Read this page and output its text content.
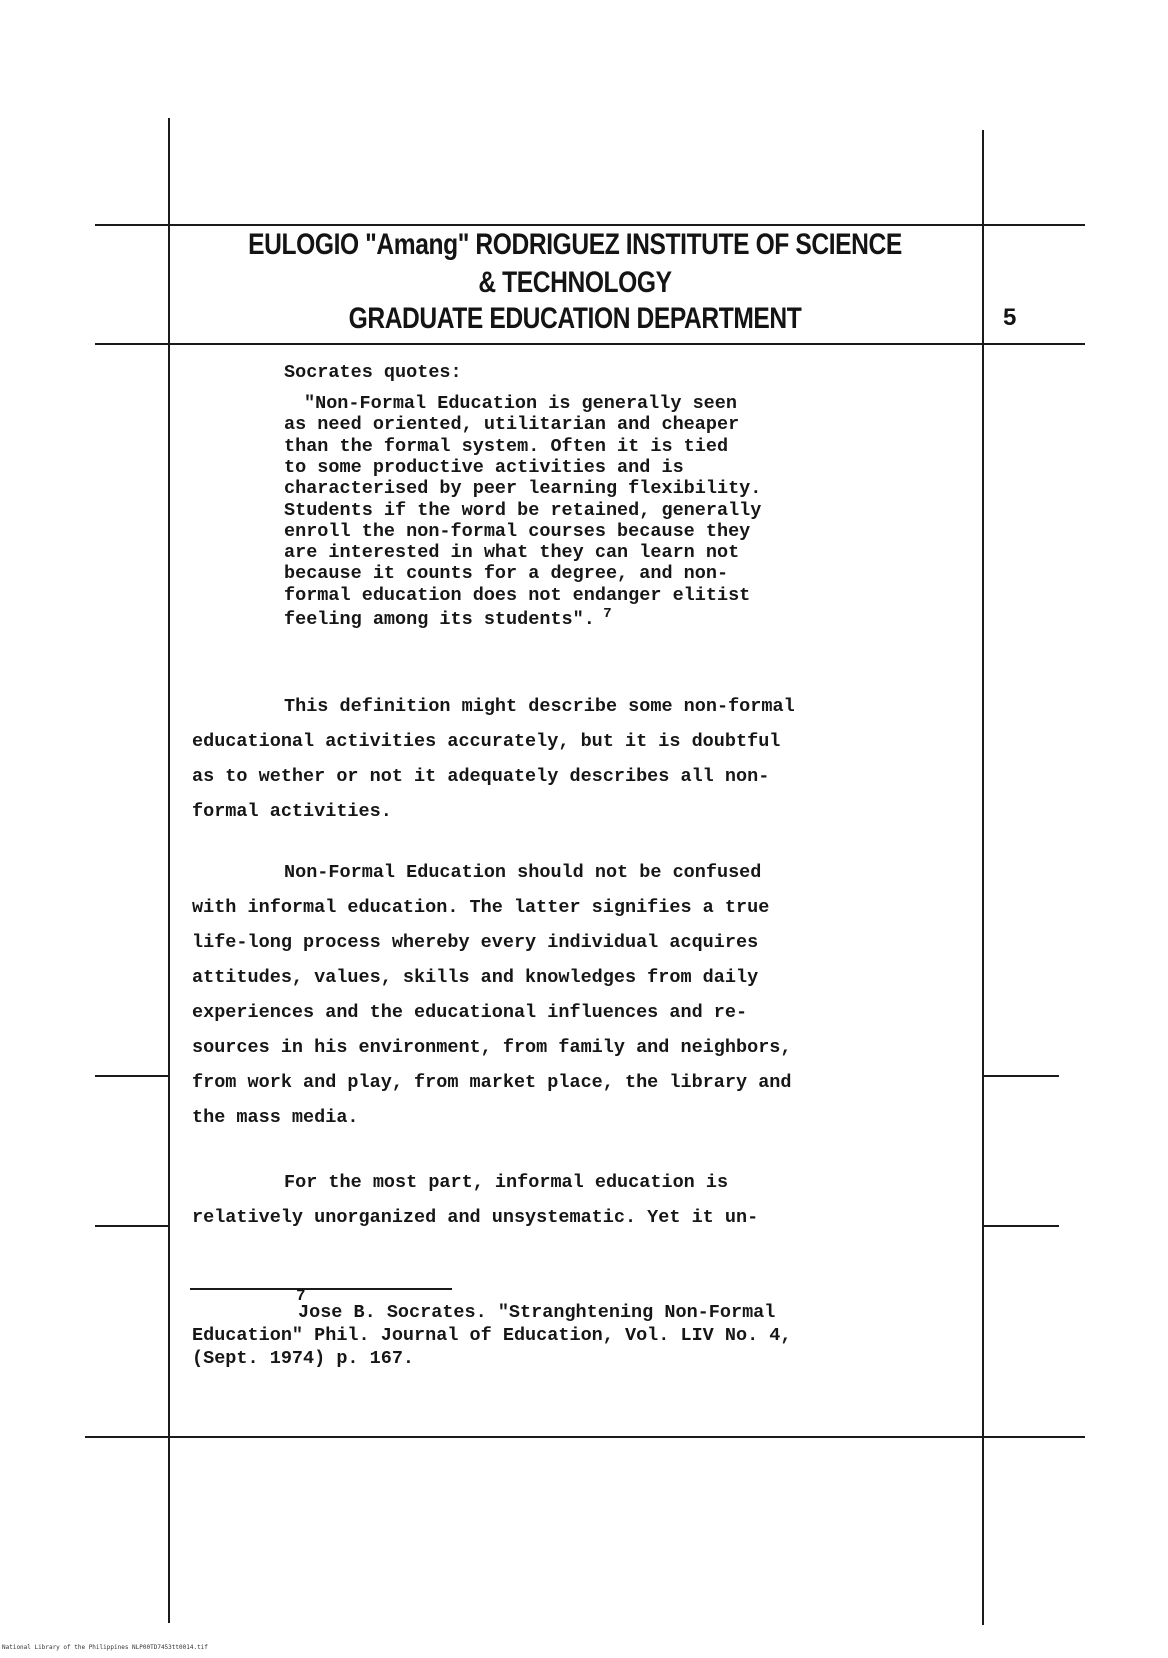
EULOGIO "Amang" RODRIGUEZ INSTITUTE OF SCIENCE
& TECHNOLOGY
GRADUATE EDUCATION DEPARTMENT	5
Socrates quotes:
"Non-Formal Education is generally seen
as need oriented, utilitarian and cheaper
than the formal system. Often it is tied
to some productive activities and is
characterised by peer learning flexibility.
Students if the word be retained, generally
enroll the non-formal courses because they
are interested in what they can learn not
because it counts for a degree, and non-
formal education does not endanger elitist
feeling among its students". $^7$
This definition might describe some non-formal
educational activities accurately, but it is doubtful
as to wether or not it adequately describes all non-
formal activities.
Non-Formal Education should not be confused
with informal education. The latter signifies a true
life-long process whereby every individual acquires
attitudes, values, skills and knowledges from daily
experiences and the educational influences and re-
sources in his environment, from family and neighbors,
from work and play, from market place, the library and
the mass media.
For the most part, informal education is
relatively unorganized and unsystematic. Yet it un-
7
Jose B. Socrates. "Stranghtening Non-Formal
Education" Phil. Journal of Education, Vol. LIV No. 4,
(Sept. 1974) p. 167.
National Library of the Philippines NLP00TD7453tt0014.tif
